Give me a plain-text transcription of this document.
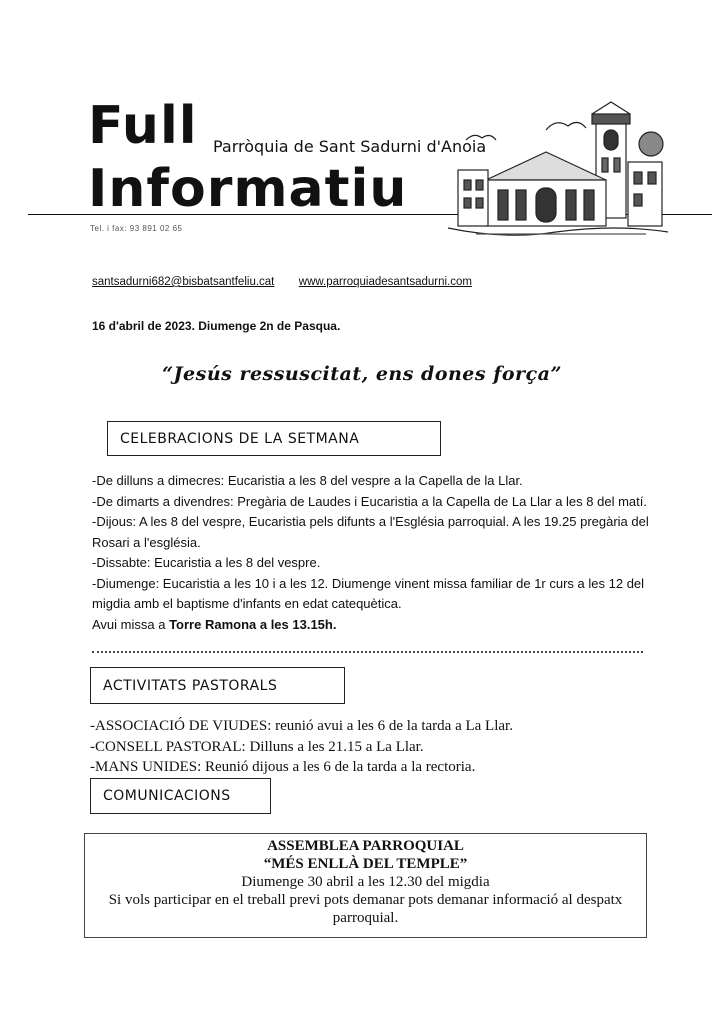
Full
Informatiu
Parròquia de Sant Sadurni d'Anoia
Tel. i fax: 93 891 02 65
santsadurni682@bisbatsantfeliu.cat www.parroquiadesantsadurni.com
16 d'abril de 2023. Diumenge 2n de Pasqua.
“Jesús ressuscitat, ens dones força”
CELEBRACIONS DE LA SETMANA
-De dilluns a dimecres: Eucaristia a les 8 del vespre a la Capella de la Llar.
-De dimarts a divendres: Pregària de Laudes i Eucaristia a la Capella de La Llar a les 8 del matí.
-Dijous: A les 8 del vespre, Eucaristia pels difunts a l'Església parroquial. A les 19.25 pregària del Rosari a l'església.
-Dissabte: Eucaristia a les 8 del vespre.
-Diumenge: Eucaristia a les 10 i a les 12. Diumenge vinent missa familiar de 1r curs a les 12 del migdia amb el baptisme d'infants en edat catequètica.
Avui missa a Torre Ramona a les 13.15h.
ACTIVITATS PASTORALS
-ASSOCIACIÓ DE VIUDES: reunió avui a les 6 de la tarda a La Llar.
-CONSELL PASTORAL: Dilluns a les 21.15 a La Llar.
-MANS UNIDES: Reunió dijous a les 6 de la tarda a la rectoria.
COMUNICACIONS
ASSEMBLEA PARROQUIAL
“MÉS ENLLÀ DEL TEMPLE”
Diumenge 30 abril a les 12.30 del migdia
Si vols participar en el treball previ pots demanar pots demanar informació al despatx parroquial.
